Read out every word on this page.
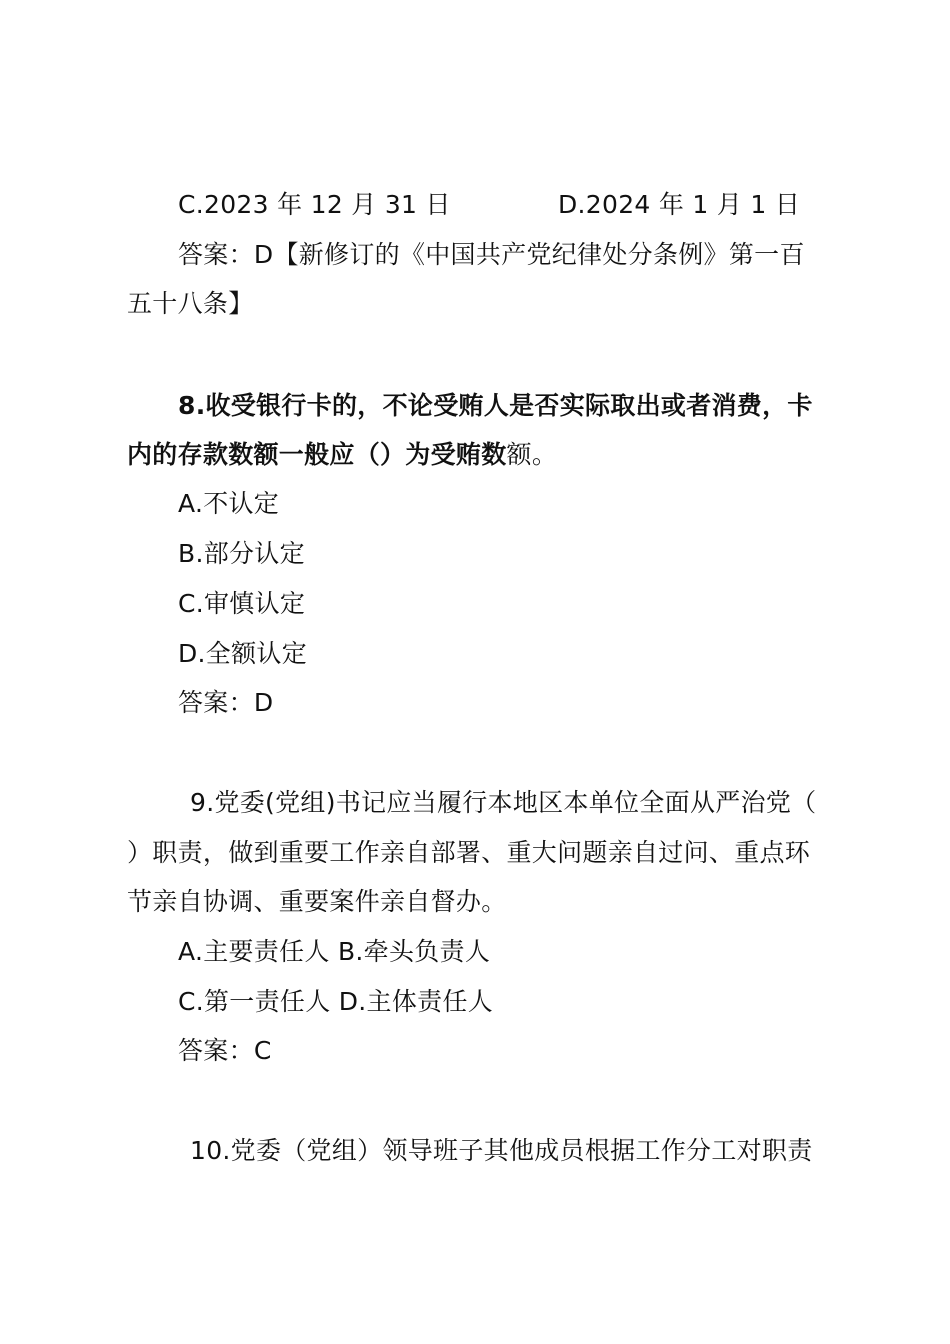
C.2023 年 12 月 31 日	D.2024 年 1 月 1 日
答案：D【新修订的《中国共产党纪律处分条例》第一百
五十八条】
8.收受银行卡的，不论受贿人是否实际取出或者消费，卡
内的存款数额一般应（）为受贿数额。
A.不认定
B.部分认定
C.审慎认定
D.全额认定
答案：D
9.党委(党组)书记应当履行本地区本单位全面从严治党（
）职责，做到重要工作亲自部署、重大问题亲自过问、重点环
节亲自协调、重要案件亲自督办。
A.主要责任人 B.牵头负责人
C.第一责任人 D.主体责任人
答案：C
10.党委（党组）领导班子其他成员根据工作分工对职责
